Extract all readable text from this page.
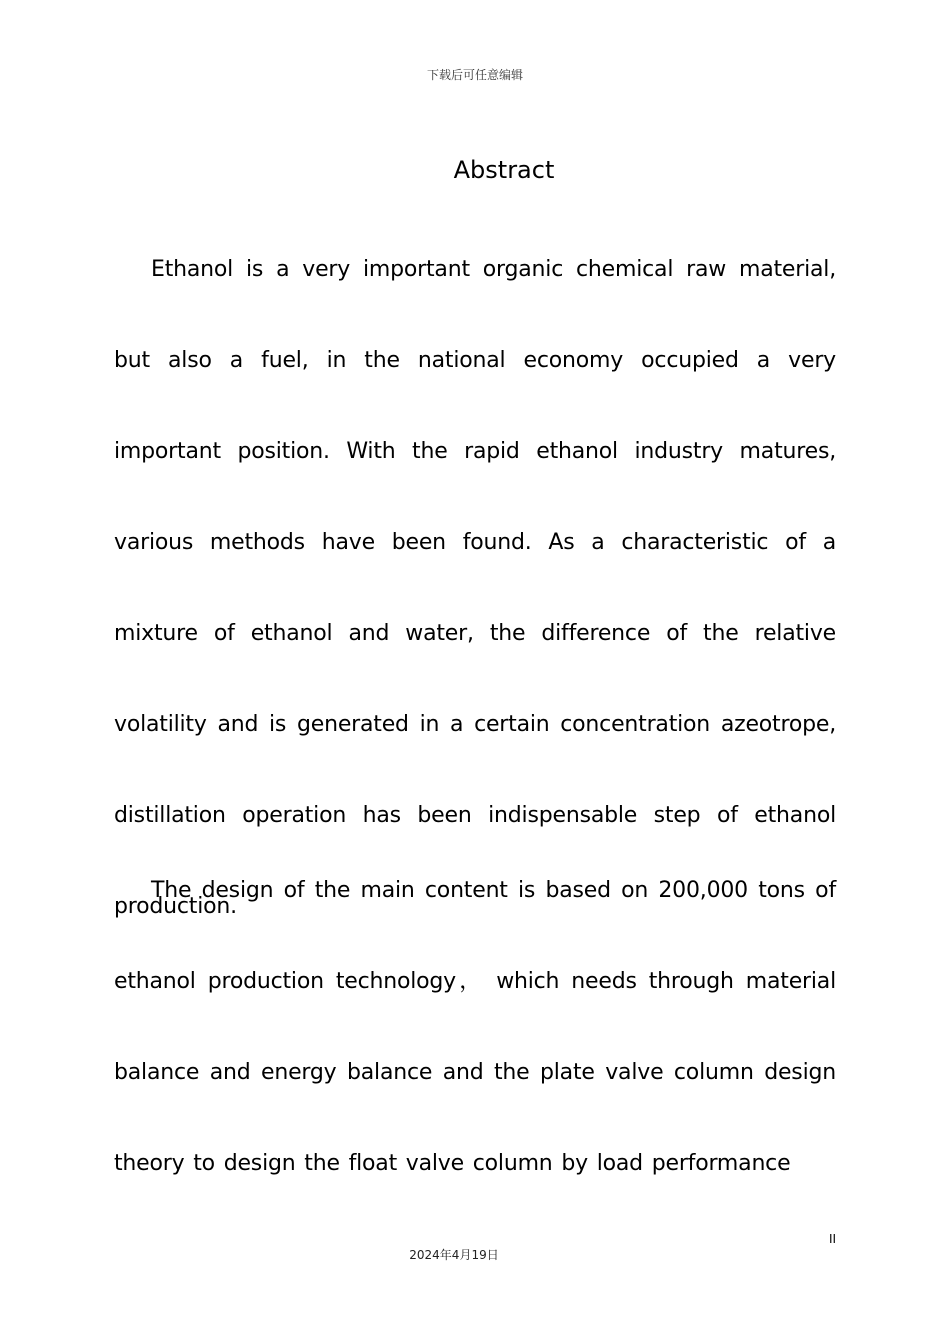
下载后可任意编辑
Abstract

Ethanol is a very important organic chemical raw material, but also a fuel, in the national economy occupied a very important position. With the rapid ethanol industry matures, various methods have been found. As a characteristic of a mixture of ethanol and water, the difference of the relative volatility and is generated in a certain concentration azeotrope, distillation operation has been indispensable step of ethanol production.

The design of the main content is based on 200,000 tons of ethanol production technology， which needs through material balance and energy balance and the plate valve column design theory to design the float valve column by load performance

II
2024年4月19日
